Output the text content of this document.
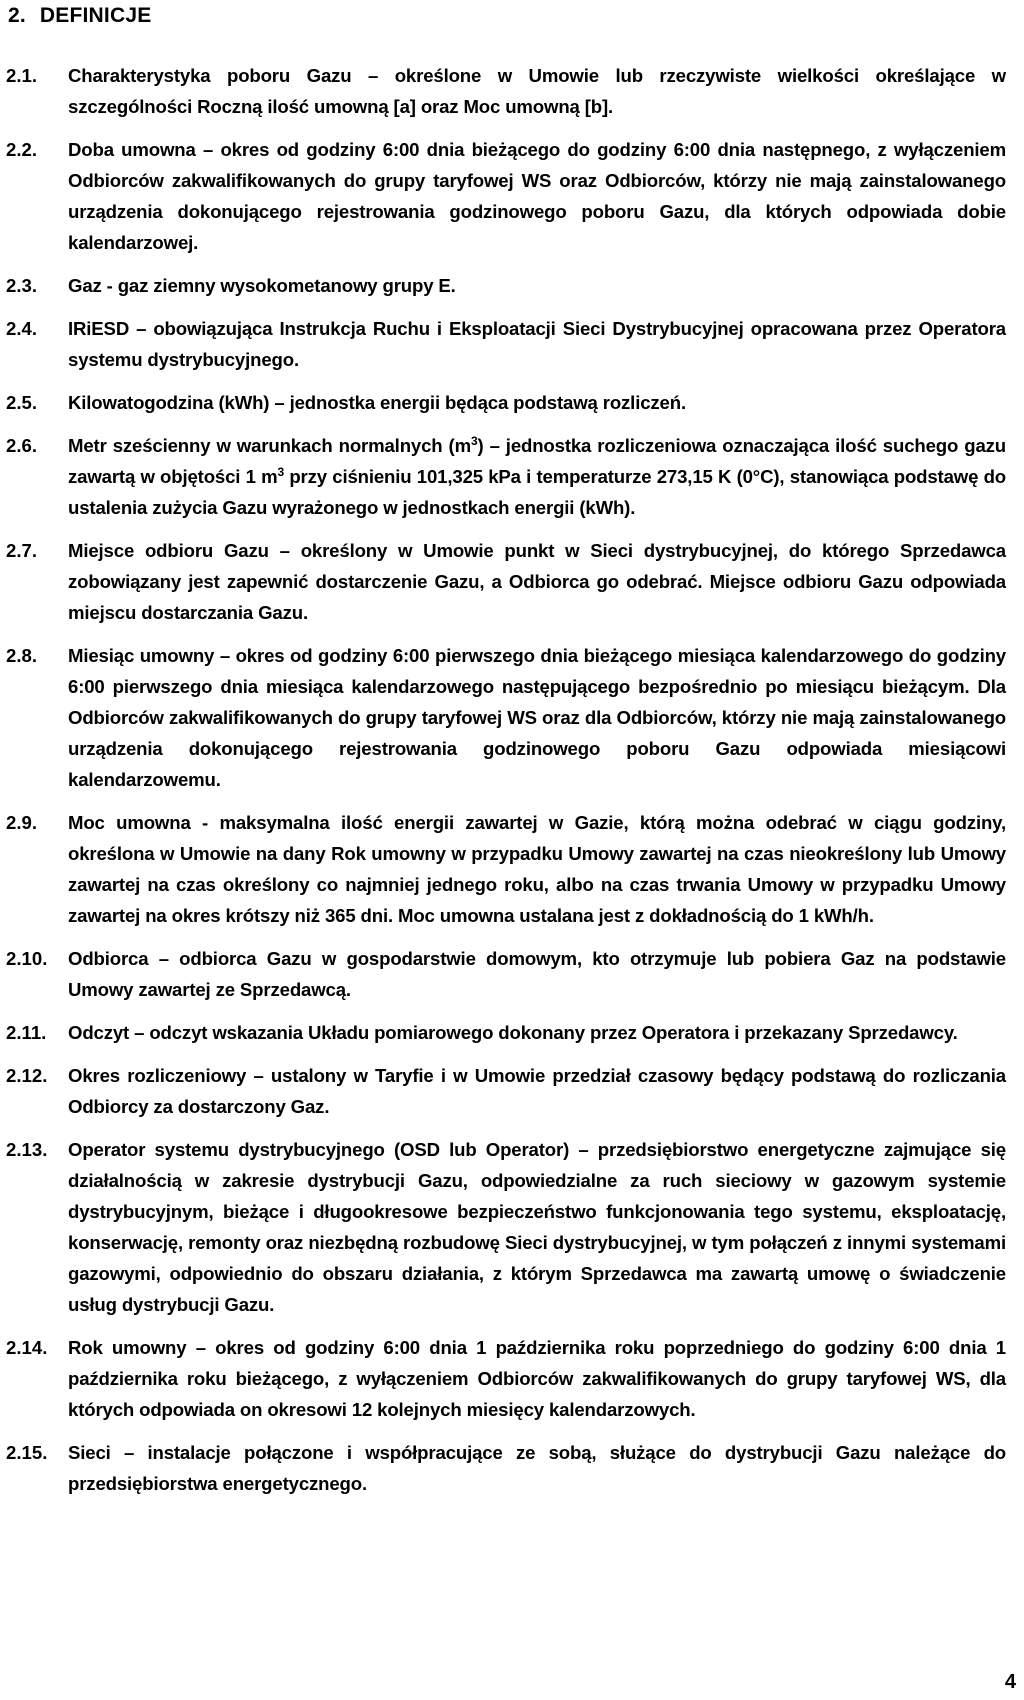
2. DEFINICJE
2.1.	Charakterystyka poboru Gazu – określone w Umowie lub rzeczywiste wielkości określające w szczególności Roczną ilość umowną [a] oraz Moc umowną [b].
2.2.	Doba umowna – okres od godziny 6:00 dnia bieżącego do godziny 6:00 dnia następnego, z wyłączeniem Odbiorców zakwalifikowanych do grupy taryfowej WS oraz Odbiorców, którzy nie mają zainstalowanego urządzenia dokonującego rejestrowania godzinowego poboru Gazu, dla których odpowiada dobie kalendarzowej.
2.3.	Gaz - gaz ziemny wysokometanowy grupy E.
2.4.	IRiESD – obowiązująca Instrukcja Ruchu i Eksploatacji Sieci Dystrybucyjnej opracowana przez Operatora systemu dystrybucyjnego.
2.5.	Kilowatogodzina (kWh) – jednostka energii będąca podstawą rozliczeń.
2.6.	Metr sześcienny w warunkach normalnych $(m^3)$ – jednostka rozliczeniowa oznaczająca ilość suchego gazu zawartą w objętości 1 $m^3$ przy ciśnieniu 101,325 kPa i temperaturze 273,15 K (0°C), stanowiąca podstawę do ustalenia zużycia Gazu wyrażonego w jednostkach energii (kWh).
2.7.	Miejsce odbioru Gazu – określony w Umowie punkt w Sieci dystrybucyjnej, do którego Sprzedawca zobowiązany jest zapewnić dostarczenie Gazu, a Odbiorca go odebrać. Miejsce odbioru Gazu odpowiada miejscu dostarczania Gazu.
2.8.	Miesiąc umowny – okres od godziny 6:00 pierwszego dnia bieżącego miesiąca kalendarzowego do godziny 6:00 pierwszego dnia miesiąca kalendarzowego następującego bezpośrednio po miesiącu bieżącym. Dla Odbiorców zakwalifikowanych do grupy taryfowej WS oraz dla Odbiorców, którzy nie mają zainstalowanego urządzenia dokonującego rejestrowania godzinowego poboru Gazu odpowiada miesiącowi kalendarzowemu.
2.9.	Moc umowna - maksymalna ilość energii zawartej w Gazie, którą można odebrać w ciągu godziny, określona w Umowie na dany Rok umowny w przypadku Umowy zawartej na czas nieokreślony lub Umowy zawartej na czas określony co najmniej jednego roku, albo na czas trwania Umowy w przypadku Umowy zawartej na okres krótszy niż 365 dni. Moc umowna ustalana jest z dokładnością do 1 kWh/h.
2.10.	Odbiorca – odbiorca Gazu w gospodarstwie domowym, kto otrzymuje lub pobiera Gaz na podstawie Umowy zawartej ze Sprzedawcą.
2.11.	Odczyt – odczyt wskazania Układu pomiarowego dokonany przez Operatora i przekazany Sprzedawcy.
2.12.	Okres rozliczeniowy – ustalony w Taryfie i w Umowie przedział czasowy będący podstawą do rozliczania Odbiorcy za dostarczony Gaz.
2.13.	Operator systemu dystrybucyjnego (OSD lub Operator) – przedsiębiorstwo energetyczne zajmujące się działalnością w zakresie dystrybucji Gazu, odpowiedzialne za ruch sieciowy w gazowym systemie dystrybucyjnym, bieżące i długookresowe bezpieczeństwo funkcjonowania tego systemu, eksploatację, konserwację, remonty oraz niezbędną rozbudowę Sieci dystrybucyjnej, w tym połączeń z innymi systemami gazowymi, odpowiednio do obszaru działania, z którym Sprzedawca ma zawartą umowę o świadczenie usług dystrybucji Gazu.
2.14.	Rok umowny – okres od godziny 6:00 dnia 1 października roku poprzedniego do godziny 6:00 dnia 1 października roku bieżącego, z wyłączeniem Odbiorców zakwalifikowanych do grupy taryfowej WS, dla których odpowiada on okresowi 12 kolejnych miesięcy kalendarzowych.
2.15.	Sieci – instalacje połączone i współpracujące ze sobą, służące do dystrybucji Gazu należące do przedsiębiorstwa energetycznego.
4
